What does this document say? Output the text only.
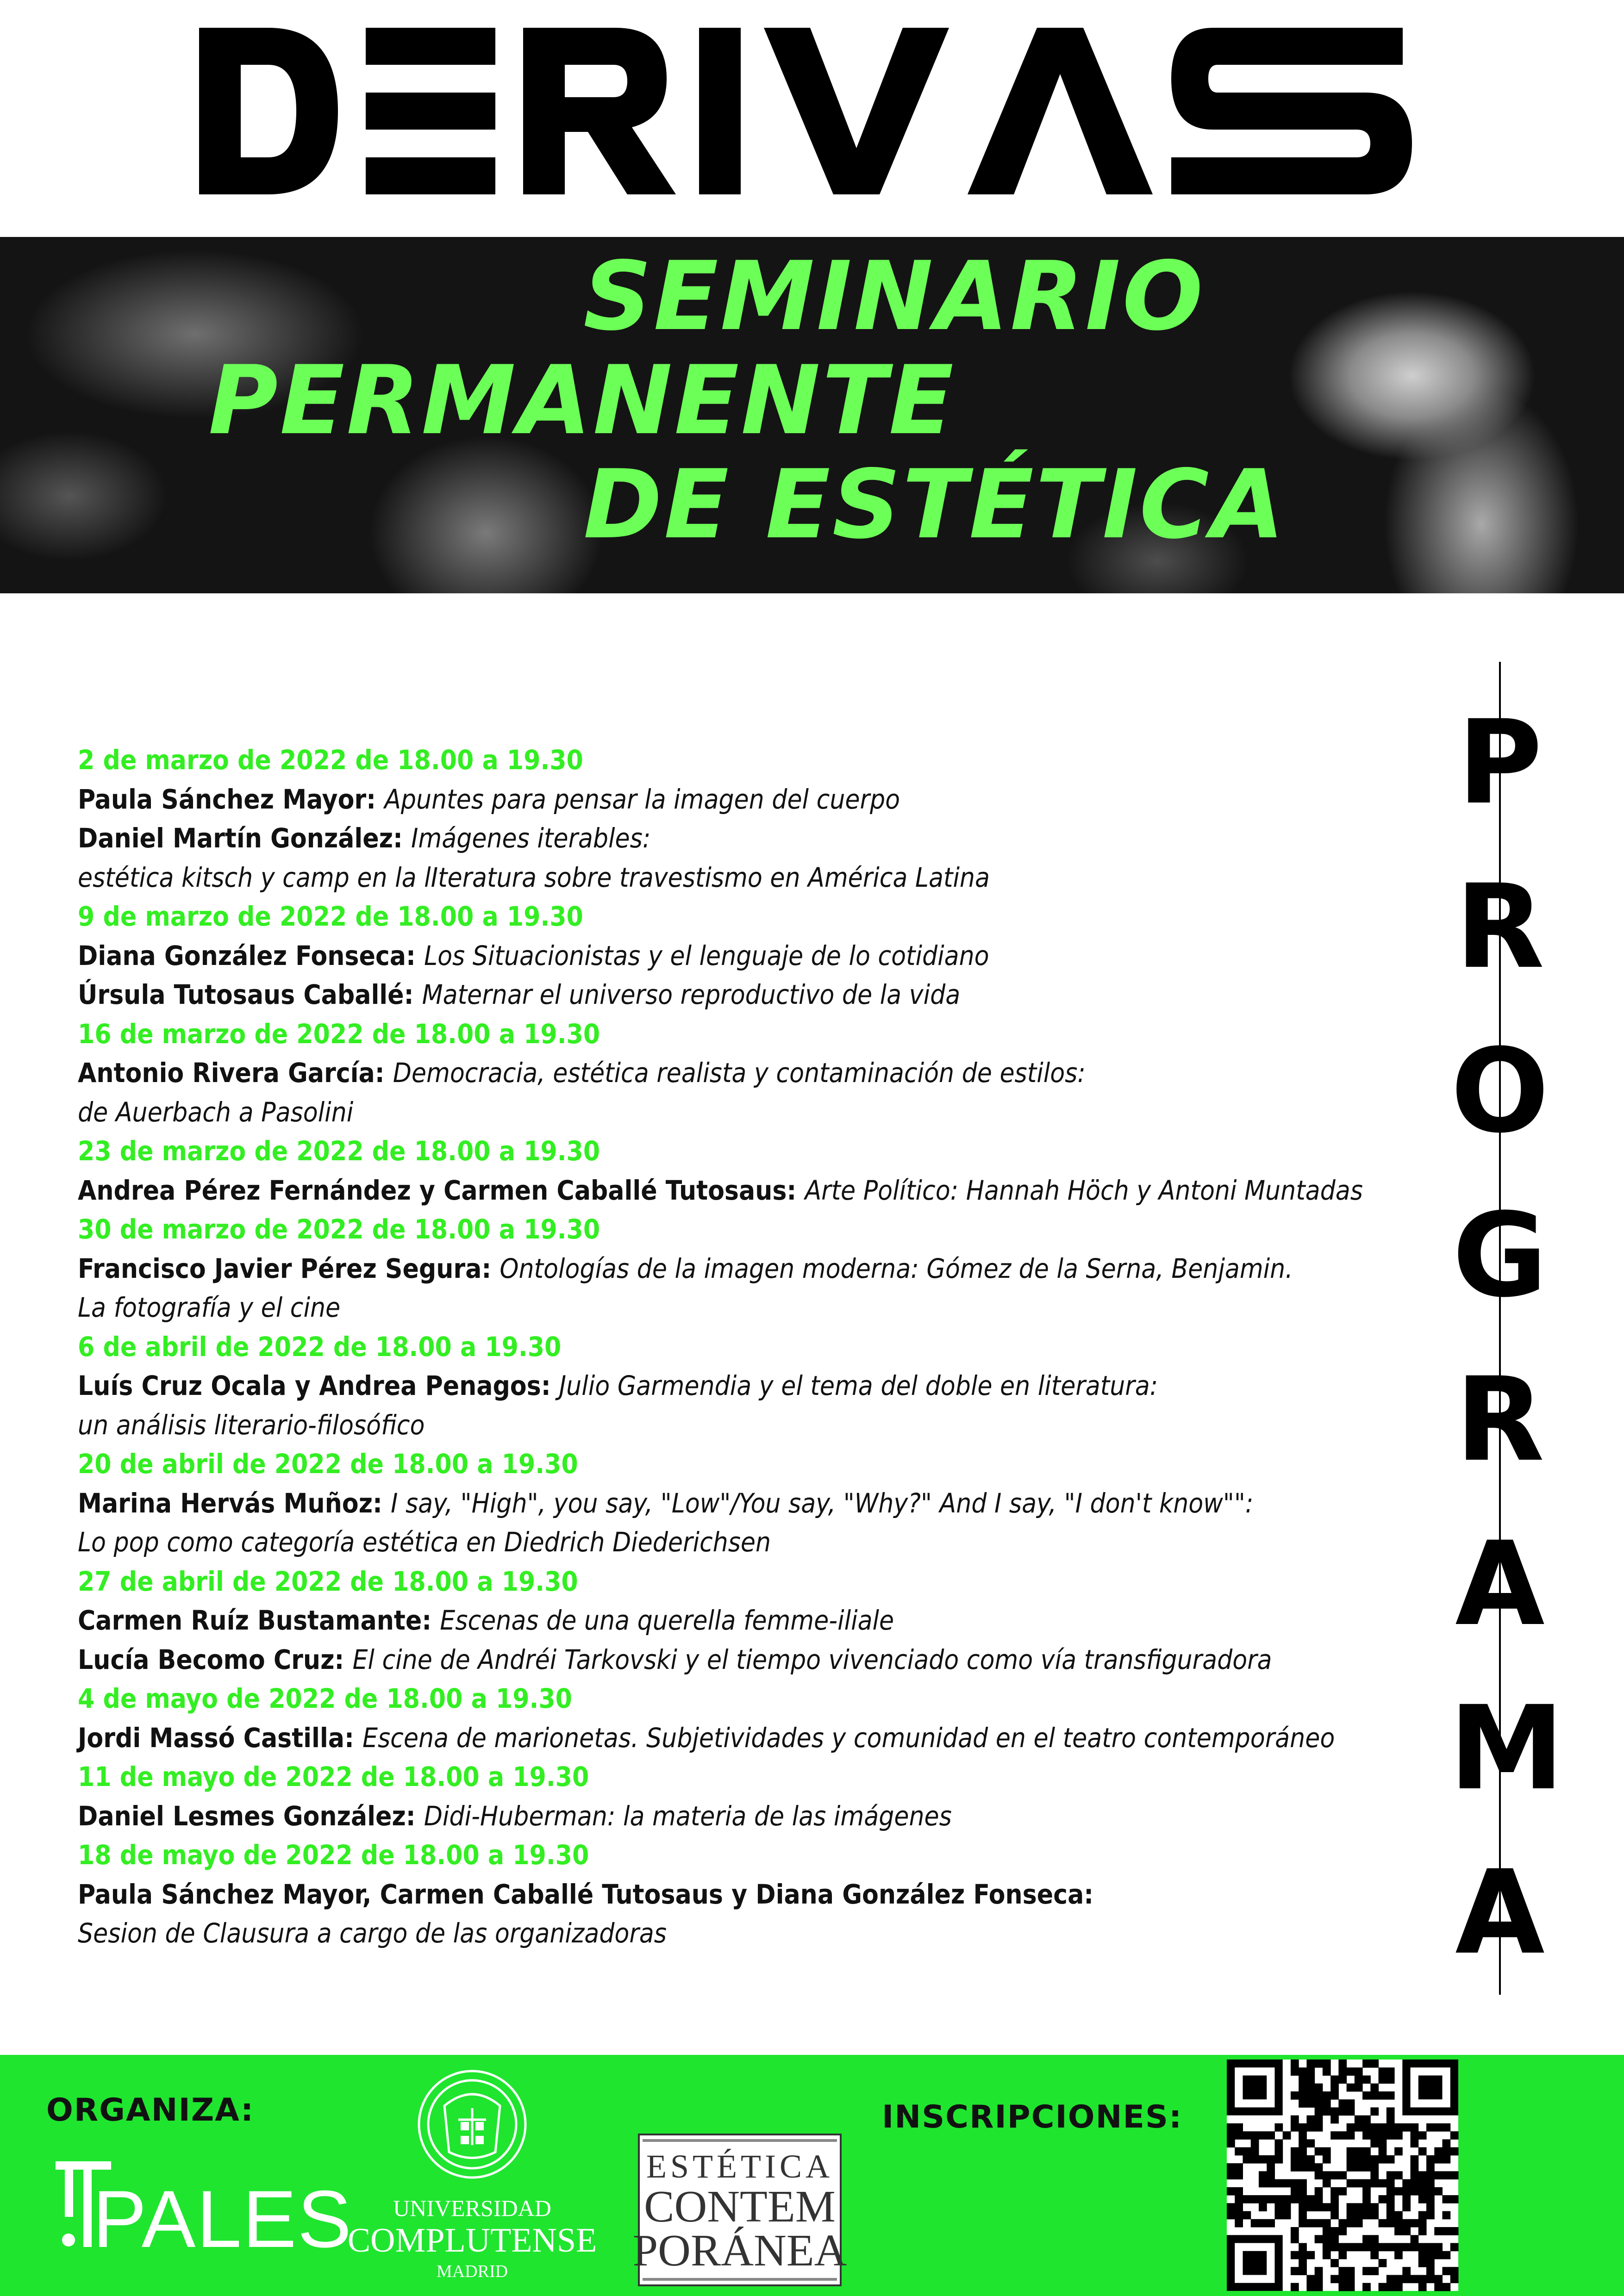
SEMINARIO
PERMANENTE
DE ESTÉTICA
2 de marzo de 2022 de 18.00 a 19.30
Paula Sánchez Mayor: Apuntes para pensar la imagen del cuerpo
Daniel Martín González: Imágenes iterables:
estética kitsch y camp en la lIteratura sobre travestismo en América Latina
9 de marzo de 2022 de 18.00 a 19.30
Diana González Fonseca: Los Situacionistas y el lenguaje de lo cotidiano
Úrsula Tutosaus Caballé: Maternar el universo reproductivo de la vida
16 de marzo de 2022 de 18.00 a 19.30
Antonio Rivera García: Democracia, estética realista y contaminación de estilos:
de Auerbach a Pasolini
23 de marzo de 2022 de 18.00 a 19.30
Andrea Pérez Fernández y Carmen Caballé Tutosaus: Arte Político: Hannah Höch y Antoni Muntadas
30 de marzo de 2022 de 18.00 a 19.30
Francisco Javier Pérez Segura: Ontologías de la imagen moderna: Gómez de la Serna, Benjamin.
La fotografía y el cine
6 de abril de 2022 de 18.00 a 19.30
Luís Cruz Ocala y Andrea Penagos: Julio Garmendia y el tema del doble en literatura:
un análisis literario-filosófico
20 de abril de 2022 de 18.00 a 19.30
Marina Hervás Muñoz: I say, "High", you say, "Low"/You say, "Why?" And I say, "I don't know"":
Lo pop como categoría estética en Diedrich Diederichsen
27 de abril de 2022 de 18.00 a 19.30
Carmen Ruíz Bustamante: Escenas de una querella femme-iliale
Lucía Becomo Cruz: El cine de Andréi Tarkovski y el tiempo vivenciado como vía transfiguradora
4 de mayo de 2022 de 18.00 a 19.30
Jordi Massó Castilla: Escena de marionetas. Subjetividades y comunidad en el teatro contemporáneo
11 de mayo de 2022 de 18.00 a 19.30
Daniel Lesmes González: Didi-Huberman: la materia de las imágenes
18 de mayo de 2022 de 18.00 a 19.30
Paula Sánchez Mayor, Carmen Caballé Tutosaus y Diana González Fonseca:
Sesion de Clausura a cargo de las organizadoras
P
R
O
G
R
A
M
A
ORGANIZA:
PALES UNIVERSIDAD
COMPLUTENSE
MADRID
ESTÉTICA
CONTEM
PORÁNEA
INSCRIPCIONES:
